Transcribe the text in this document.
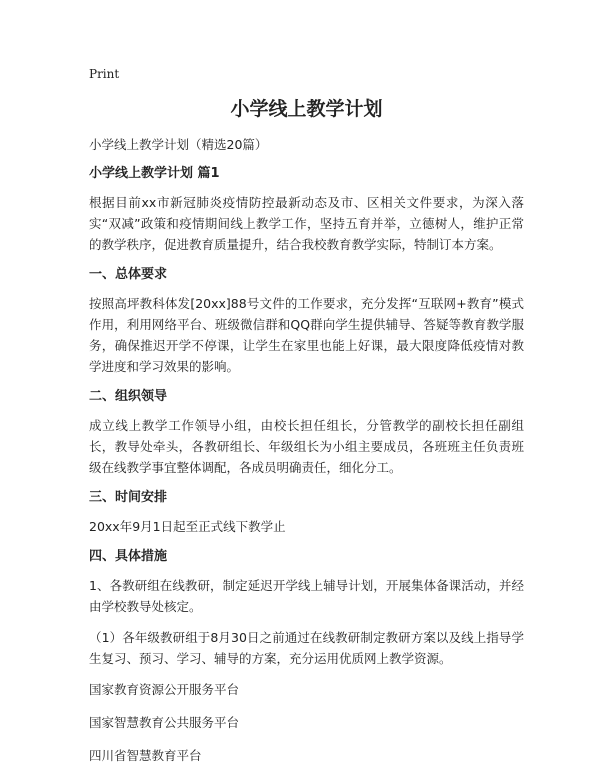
Print
小学线上教学计划

小学线上教学计划（精选20篇）

小学线上教学计划 篇1

根据目前xx市新冠肺炎疫情防控最新动态及市、区相关文件要求，为深入落实“双减”政策和疫情期间线上教学工作，坚持五育并举，立德树人，维护正常的教学秩序，促进教育质量提升，结合我校教育教学实际，特制订本方案。

一、总体要求

按照高坪教科体发[20xx]88号文件的工作要求，充分发挥“互联网+教育”模式作用，利用网络平台、班级微信群和QQ群向学生提供辅导、答疑等教育教学服务，确保推迟开学不停课，让学生在家里也能上好课，最大限度降低疫情对教学进度和学习效果的影响。

二、组织领导

成立线上教学工作领导小组，由校长担任组长，分管教学的副校长担任副组长，教导处牵头，各教研组长、年级组长为小组主要成员，各班班主任负责班级在线教学事宜整体调配，各成员明确责任，细化分工。

三、时间安排

20xx年9月1日起至正式线下教学止

四、具体措施

1、各教研组在线教研，制定延迟开学线上辅导计划，开展集体备课活动，并经由学校教导处核定。

（1）各年级教研组于8月30日之前通过在线教研制定教研方案以及线上指导学生复习、预习、学习、辅导的方案，充分运用优质网上教学资源。

国家教育资源公开服务平台

国家智慧教育公共服务平台

四川省智慧教育平台
